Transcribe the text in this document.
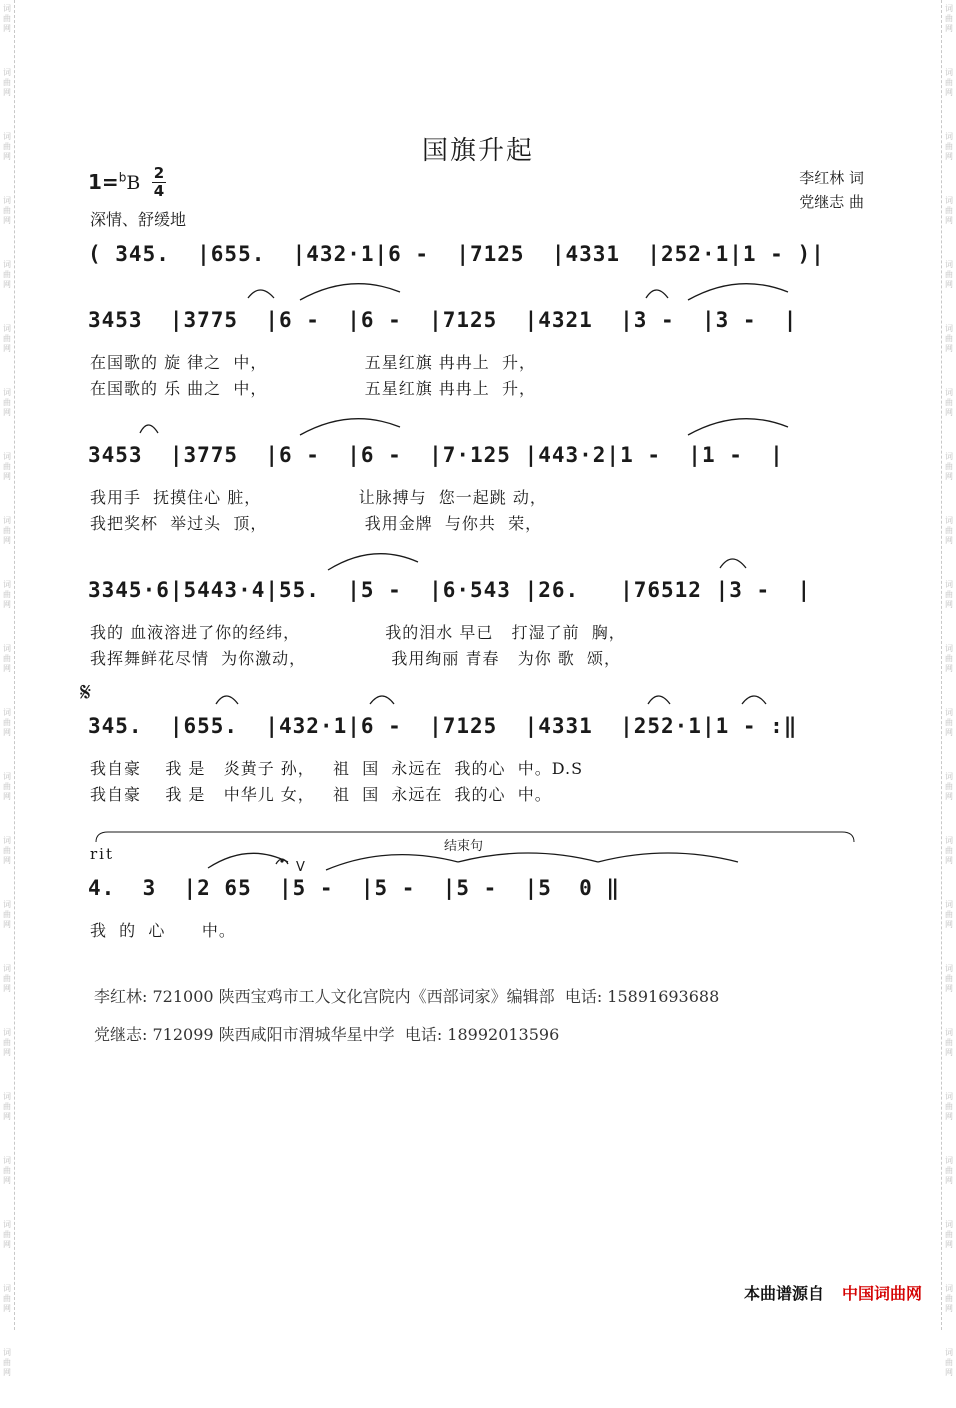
词
曲
网
词
曲
网
词
曲
网
词
曲
网
词
曲
网
词
曲
网
词
曲
网
词
曲
网
词
曲
网
词
曲
网
词
曲
网
词
曲
网
词
曲
网
词
曲
网
词
曲
网
词
曲
网
词
曲
网
词
曲
网
词
曲
网
词
曲
网
词
曲
网
词
曲
网
词
曲
网
词
曲
网
词
曲
网
词
曲
网
词
曲
网
词
曲
网
词
曲
网
词
曲
网
词
曲
网
词
曲
网
词
曲
网
词
曲
网
词
曲
网
词
曲
网
词
曲
网
词
曲
网
词
曲
网
词
曲
网
词
曲
网
词
曲
网
词
曲
网
词
曲
网
国旗升起
1=$^b$B 2
4
深情、舒缓地
李红林 词
党继志 曲
( 345.  |655.  |432·1|6 -  |7125  |4331  |252·1|1 - )|
3453  |3775  |6 -  |6 -  |7125  |4321  |3 -  |3 -  |
在国歌的 旋 律之  中，                五星红旗 冉冉上  升，
在国歌的 乐 曲之  中，                五星红旗 冉冉上  升，
3453  |3775  |6 -  |6 -  |7·125 |443·2|1 -  |1 -  |
我用手  抚摸住心 脏，                让脉搏与  您一起跳 动，
我把奖杯  举过头  顶，                我用金牌  与你共  荣，
3345·6|5443·4|55.  |5 -  |6·543 |26.   |76512 |3 -  |
我的 血液溶进了你的经纬，              我的泪水 早已   打湿了前  胸，
我挥舞鲜花尽情  为你激动，              我用绚丽 青春   为你 歌  颂，
𝄋
345.  |655.  |432·1|6 -  |7125  |4331  |252·1|1 - :‖
我自豪    我 是   炎黄子 孙，   祖  国  永远在  我的心  中。D.S
我自豪    我 是   中华儿 女，   祖  国  永远在  我的心  中。
结束句
rit
V
4.  3  |2 65  |5 -  |5 -  |5 -  |5  0 ‖
我  的  心      中。
李红林: 721000 陕西宝鸡市工人文化宫院内《西部词家》编辑部  电话: 15891693688
党继志: 712099 陕西咸阳市渭城华星中学  电话: 18992013596
本曲谱源自 中国词曲网
